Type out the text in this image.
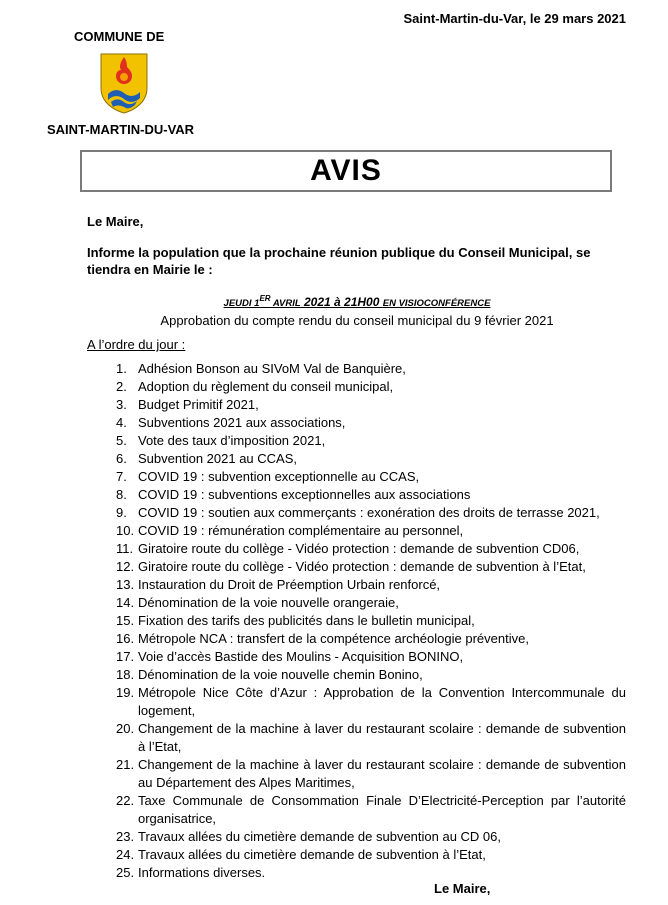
Saint-Martin-du-Var, le 29 mars 2021
COMMUNE DE
SAINT-MARTIN-DU-VAR
AVIS
Le Maire,
Informe la population que la prochaine réunion publique du Conseil Municipal, se tiendra en Mairie le :
JEUDI 1ER AVRIL 2021 à 21H00 EN VISIOCONFÉRENCE
Approbation du compte rendu du conseil municipal du 9 février 2021
A l’ordre du jour :
1. Adhésion Bonson au SIVoM Val de Banquière,
2. Adoption du règlement du conseil municipal,
3. Budget Primitif 2021,
4. Subventions 2021 aux associations,
5. Vote des taux d’imposition 2021,
6. Subvention 2021 au CCAS,
7. COVID 19 : subvention exceptionnelle au CCAS,
8. COVID 19 : subventions exceptionnelles aux associations
9. COVID 19 : soutien aux commerçants : exonération des droits de terrasse 2021,
10. COVID 19 : rémunération complémentaire au personnel,
11. Giratoire route du collège - Vidéo protection : demande de subvention CD06,
12. Giratoire route du collège - Vidéo protection : demande de subvention à l’Etat,
13. Instauration du Droit de Préemption Urbain renforcé,
14. Dénomination de la voie nouvelle orangeraie,
15. Fixation des tarifs des publicités dans le bulletin municipal,
16. Métropole NCA : transfert de la compétence archéologie préventive,
17. Voie d’accès Bastide des Moulins - Acquisition BONINO,
18. Dénomination de la voie nouvelle chemin Bonino,
19. Métropole Nice Côte d’Azur : Approbation de la Convention Intercommunale du logement,
20. Changement de la machine à laver du restaurant scolaire : demande de subvention à l’Etat,
21. Changement de la machine à laver du restaurant scolaire : demande de subvention au Département des Alpes Maritimes,
22. Taxe Communale de Consommation Finale D’Electricité-Perception par l’autorité organisatrice,
23. Travaux allées du cimetière demande de subvention au CD 06,
24. Travaux allées du cimetière demande de subvention à l’Etat,
25. Informations diverses.
Le Maire,
